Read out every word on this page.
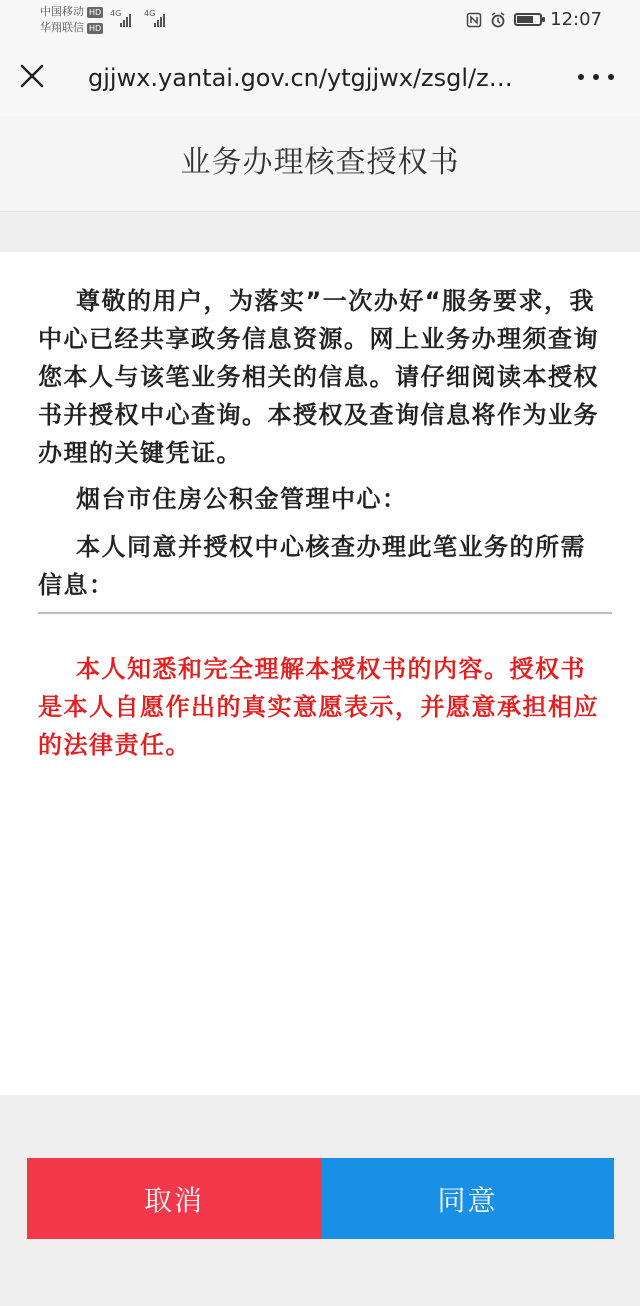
中国移动 HD
华翔联信 HD
4G	4G	12:07
gjjwx.yantai.gov.cn/ytgjjwx/zsgl/z…
业务办理核查授权书

尊敬的用户，为落实”一次办好“服务要求，我中心已经共享政务信息资源。网上业务办理须查询您本人与该笔业务相关的信息。请仔细阅读本授权书并授权中心查询。本授权及查询信息将作为业务办理的关键凭证。

烟台市住房公积金管理中心：

本人同意并授权中心核查办理此笔业务的所需信息：

本人知悉和完全理解本授权书的内容。授权书是本人自愿作出的真实意愿表示，并愿意承担相应的法律责任。

取消	同意
